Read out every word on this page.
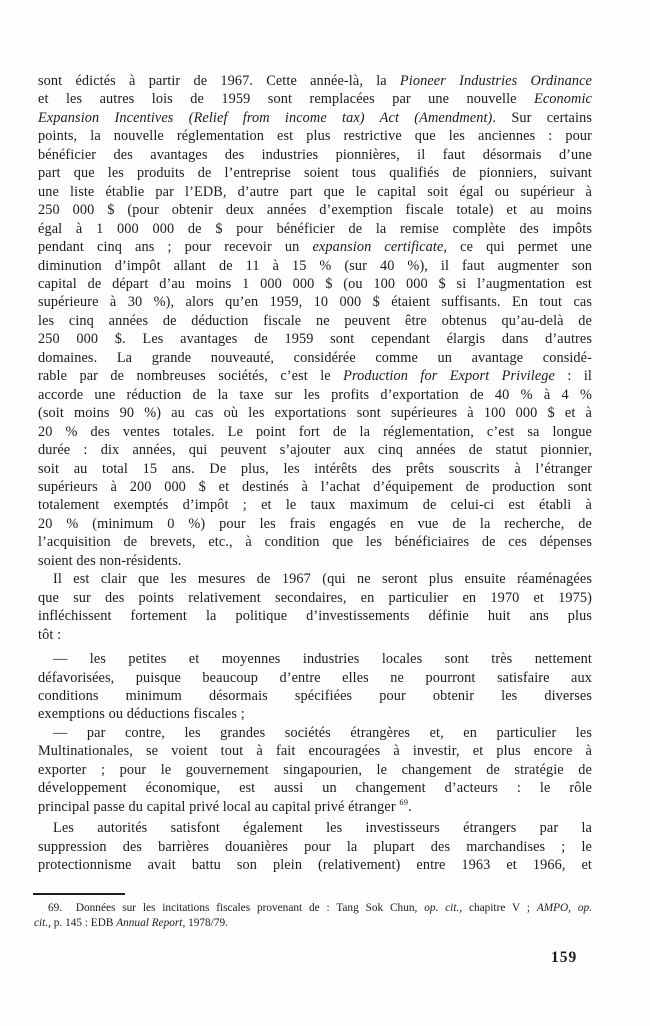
sont édictés à partir de 1967. Cette année-là, la Pioneer Industries Ordinance
et les autres lois de 1959 sont remplacées par une nouvelle Economic
Expansion Incentives (Relief from income tax) Act (Amendment). Sur certains
points, la nouvelle réglementation est plus restrictive que les anciennes : pour
bénéficier des avantages des industries pionnières, il faut désormais d’une
part que les produits de l’entreprise soient tous qualifiés de pionniers, suivant
une liste établie par l’EDB, d’autre part que le capital soit égal ou supérieur à
250 000 $ (pour obtenir deux années d’exemption fiscale totale) et au moins
égal à 1 000 000 de $ pour bénéficier de la remise complète des impôts
pendant cinq ans ; pour recevoir un expansion certificate, ce qui permet une
diminution d’impôt allant de 11 à 15 % (sur 40 %), il faut augmenter son
capital de départ d’au moins 1 000 000 $ (ou 100 000 $ si l’augmentation est
supérieure à 30 %), alors qu’en 1959, 10 000 $ étaient suffisants. En tout cas
les cinq années de déduction fiscale ne peuvent être obtenus qu’au-delà de
250 000 $. Les avantages de 1959 sont cependant élargis dans d’autres
domaines. La grande nouveauté, considérée comme un avantage considé-
rable par de nombreuses sociétés, c’est le Production for Export Privilege : il
accorde une réduction de la taxe sur les profits d’exportation de 40 % à 4 %
(soit moins 90 %) au cas où les exportations sont supérieures à 100 000 $ et à
20 % des ventes totales. Le point fort de la réglementation, c’est sa longue
durée : dix années, qui peuvent s’ajouter aux cinq années de statut pionnier,
soit au total 15 ans. De plus, les intérêts des prêts souscrits à l’étranger
supérieurs à 200 000 $ et destinés à l’achat d’équipement de production sont
totalement exemptés d’impôt ; et le taux maximum de celui-ci est établi à
20 % (minimum 0 %) pour les frais engagés en vue de la recherche, de
l’acquisition de brevets, etc., à condition que les bénéficiaires de ces dépenses
soient des non-résidents.
Il est clair que les mesures de 1967 (qui ne seront plus ensuite réaménagées
que sur des points relativement secondaires, en particulier en 1970 et 1975)
infléchissent fortement la politique d’investissements définie huit ans plus
tôt :
— les petites et moyennes industries locales sont très nettement
défavorisées, puisque beaucoup d’entre elles ne pourront satisfaire aux
conditions minimum désormais spécifiées pour obtenir les diverses
exemptions ou déductions fiscales ;
— par contre, les grandes sociétés étrangères et, en particulier les
Multinationales, se voient tout à fait encouragées à investir, et plus encore à
exporter ; pour le gouvernement singapourien, le changement de stratégie de
développement économique, est aussi un changement d’acteurs : le rôle
principal passe du capital privé local au capital privé étranger $^{69}$.
Les autorités satisfont également les investisseurs étrangers par la
suppression des barrières douanières pour la plupart des marchandises ; le
protectionnisme avait battu son plein (relativement) entre 1963 et 1966, et
69.  Données sur les incitations fiscales provenant de : Tang Sok Chun, op. cit., chapitre V ; AMPO, op.
cit., p. 145 : EDB Annual Report, 1978/79.
159
